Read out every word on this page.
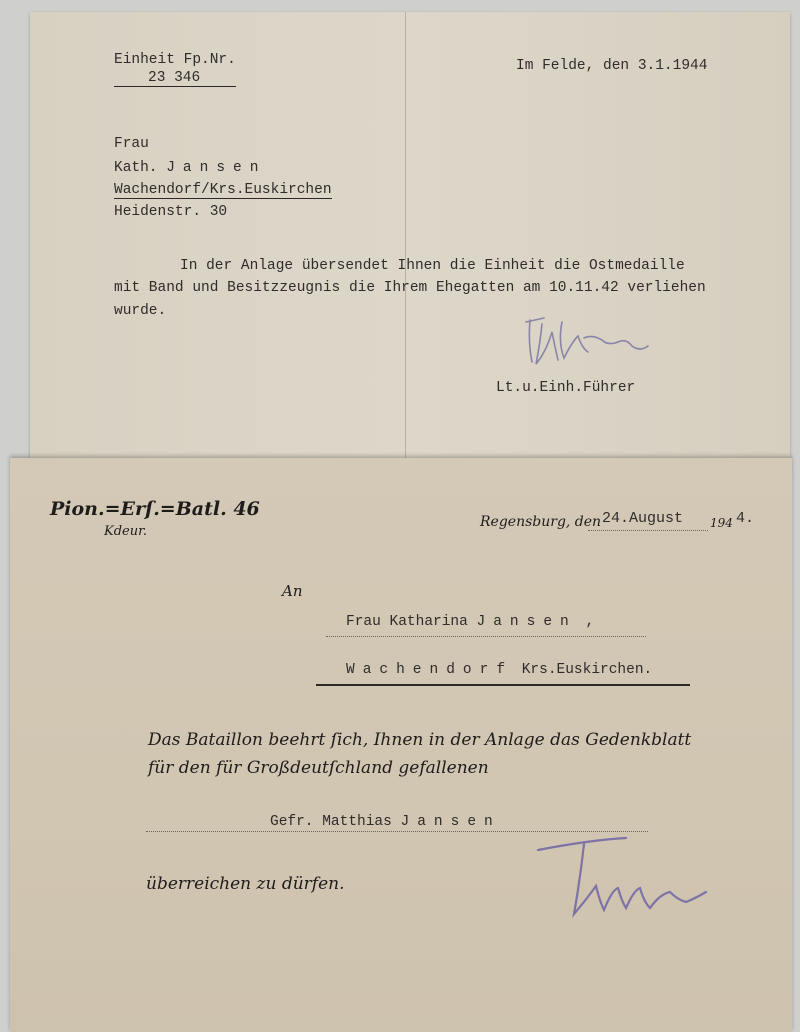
Einheit Fp.Nr.
23 346
Im Felde, den 3.1.1944
Frau
Kath. Jansen
Wachendorf/Krs.Euskirchen
Heidenstr. 30
In der Anlage übersendet Ihnen die Einheit die Ostmedaille
mit Band und Besitzzeugnis die Ihrem Ehegatten am 10.11.42 verliehen
wurde.
Lt.u.Einh.Führer
Pion.=Erſ.=Batl. 46
Kdeur.
Regensburg, den 24.August 194 4.
An
Frau Katharina Jansen ,
Wachendorf Krs.Euskirchen.
Das Bataillon beehrt ſich, Ihnen in der Anlage das Gedenkblatt
für den für Großdeutſchland gefallenen
Gefr. Matthias Jansen
überreichen zu dürfen.
